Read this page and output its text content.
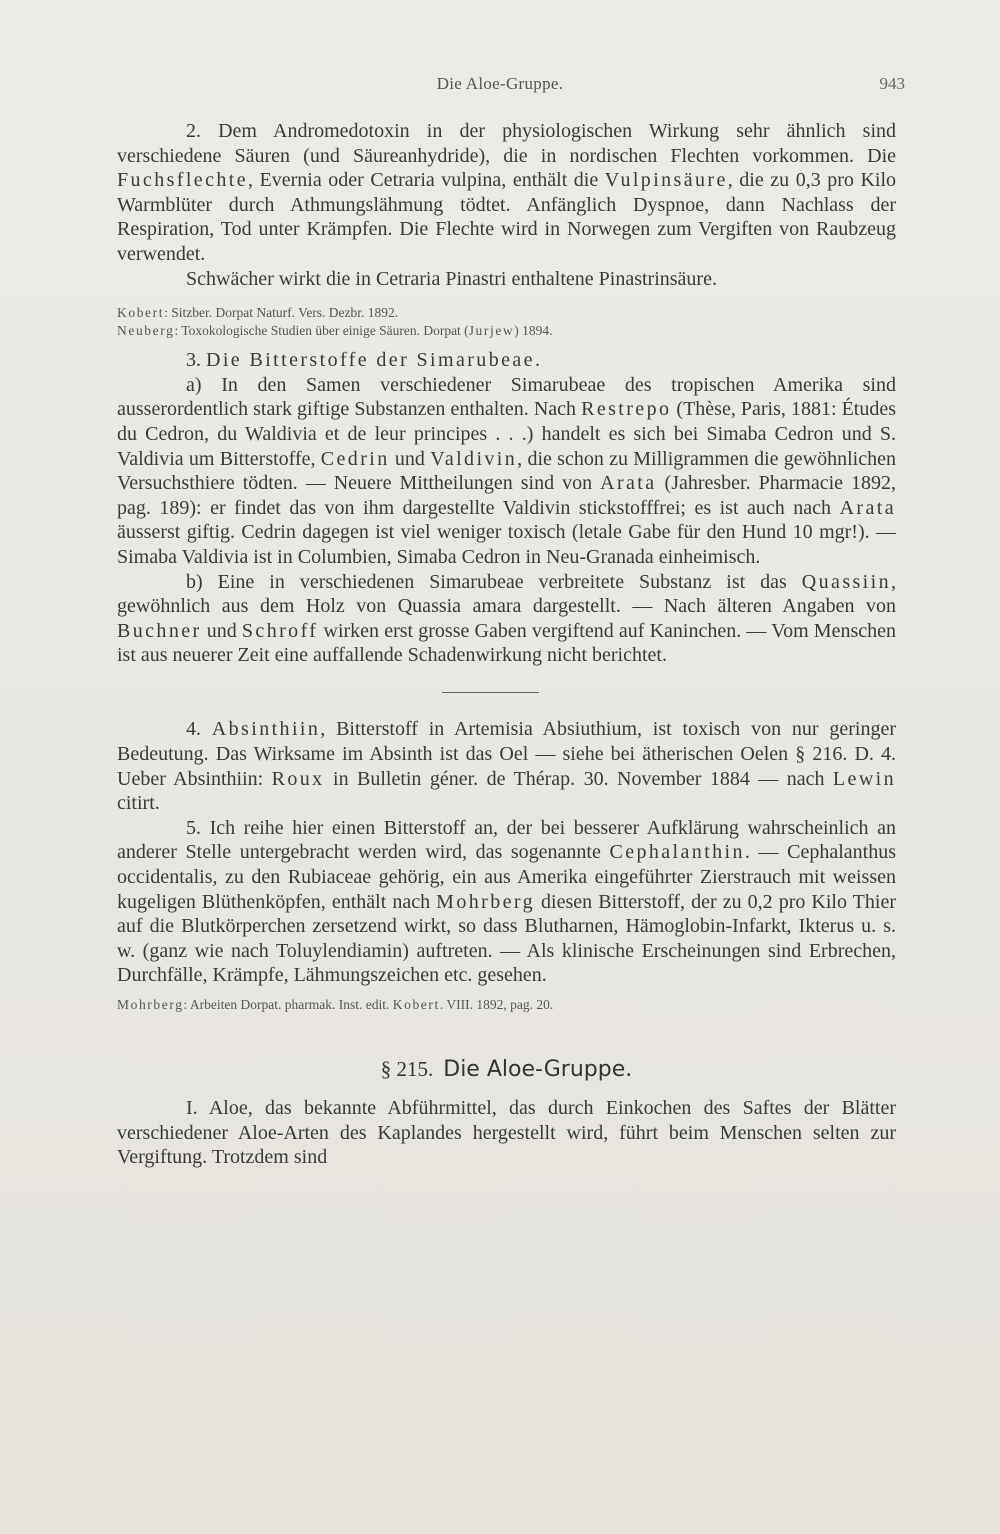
Die Aloe-Gruppe.	943

2. Dem Andromedotoxin in der physiologischen Wirkung sehr ähnlich sind verschiedene Säuren (und Säureanhydride), die in nordischen Flechten vorkommen. Die Fuchsflechte, Evernia oder Cetraria vulpina, enthält die Vulpinsäure, die zu 0,3 pro Kilo Warmblüter durch Athmungslähmung tödtet. Anfänglich Dyspnoe, dann Nachlass der Respiration, Tod unter Krämpfen. Die Flechte wird in Norwegen zum Vergiften von Raubzeug verwendet.

Schwächer wirkt die in Cetraria Pinastri enthaltene Pinastrinsäure.

Kobert: Sitzber. Dorpat Naturf. Vers. Dezbr. 1892.

Neuberg: Toxokologische Studien über einige Säuren. Dorpat (Jurjew) 1894.

3. Die Bitterstoffe der Simarubeae.

a) In den Samen verschiedener Simarubeae des tropischen Amerika sind ausserordentlich stark giftige Substanzen enthalten. Nach Restrepo (Thèse, Paris, 1881: Études du Cedron, du Waldivia et de leur principes . . .) handelt es sich bei Simaba Cedron und S. Valdivia um Bitterstoffe, Cedrin und Valdivin, die schon zu Milligrammen die gewöhnlichen Versuchsthiere tödten. — Neuere Mittheilungen sind von Arata (Jahresber. Pharmacie 1892, pag. 189): er findet das von ihm dargestellte Valdivin stickstofffrei; es ist auch nach Arata äusserst giftig. Cedrin dagegen ist viel weniger toxisch (letale Gabe für den Hund 10 mgr!). — Simaba Valdivia ist in Columbien, Simaba Cedron in Neu-Granada einheimisch.

b) Eine in verschiedenen Simarubeae verbreitete Substanz ist das Quassiin, gewöhnlich aus dem Holz von Quassia amara dargestellt. — Nach älteren Angaben von Buchner und Schroff wirken erst grosse Gaben vergiftend auf Kaninchen. — Vom Menschen ist aus neuerer Zeit eine auffallende Schadenwirkung nicht berichtet.

4. Absinthiin, Bitterstoff in Artemisia Absiuthium, ist toxisch von nur geringer Bedeutung. Das Wirksame im Absinth ist das Oel — siehe bei ätherischen Oelen § 216. D. 4. Ueber Absinthiin: Roux in Bulletin géner. de Thérap. 30. November 1884 — nach Lewin citirt.

5. Ich reihe hier einen Bitterstoff an, der bei besserer Aufklärung wahrscheinlich an anderer Stelle untergebracht werden wird, das sogenannte Cephalanthin. — Cephalanthus occidentalis, zu den Rubiaceae gehörig, ein aus Amerika eingeführter Zierstrauch mit weissen kugeligen Blüthenköpfen, enthält nach Mohrberg diesen Bitterstoff, der zu 0,2 pro Kilo Thier auf die Blutkörperchen zersetzend wirkt, so dass Blutharnen, Hämoglobin-Infarkt, Ikterus u. s. w. (ganz wie nach Toluylendiamin) auftreten. — Als klinische Erscheinungen sind Erbrechen, Durchfälle, Krämpfe, Lähmungszeichen etc. gesehen.

Mohrberg: Arbeiten Dorpat. pharmak. Inst. edit. Kobert. VIII. 1892, pag. 20.

§ 215. Die Aloe-Gruppe.

I. Aloe, das bekannte Abführmittel, das durch Einkochen des Saftes der Blätter verschiedener Aloe-Arten des Kaplandes hergestellt wird, führt beim Menschen selten zur Vergiftung. Trotzdem sind
